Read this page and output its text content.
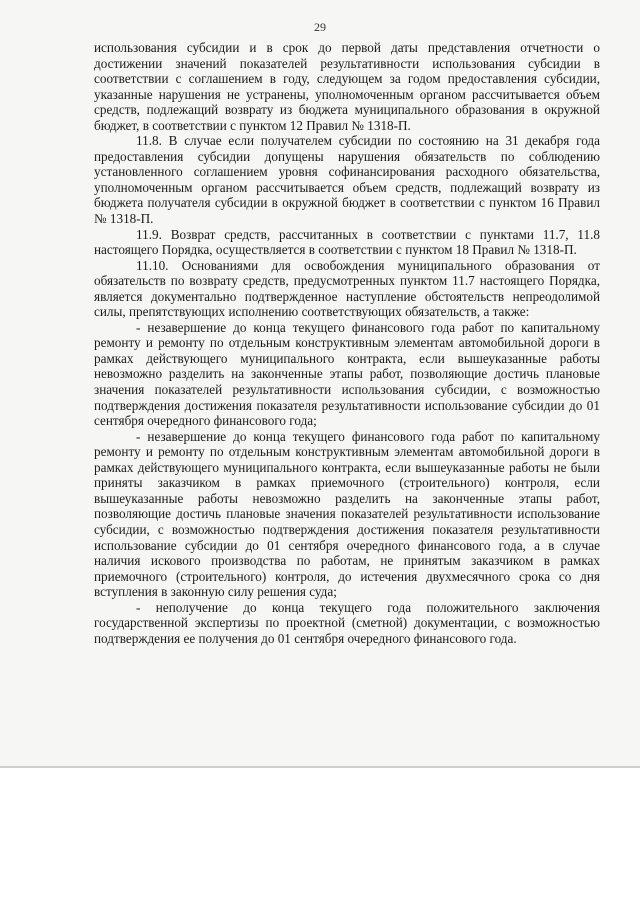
29

использования субсидии и в срок до первой даты представления отчетности о достижении значений показателей результативности использования субсидии в соответствии с соглашением в году, следующем за годом предоставления субсидии, указанные нарушения не устранены, уполномоченным органом рассчитывается объем средств, подлежащий возврату из бюджета муниципального образования в окружной бюджет, в соответствии с пунктом 12 Правил № 1318-П.

11.8. В случае если получателем субсидии по состоянию на 31 декабря года предоставления субсидии допущены нарушения обязательств по соблюдению установленного соглашением уровня софинансирования расходного обязательства, уполномоченным органом рассчитывается объем средств, подлежащий возврату из бюджета получателя субсидии в окружной бюджет в соответствии с пунктом 16 Правил № 1318-П.

11.9. Возврат средств, рассчитанных в соответствии с пунктами 11.7, 11.8 настоящего Порядка, осуществляется в соответствии с пунктом 18 Правил № 1318-П.

11.10. Основаниями для освобождения муниципального образования от обязательств по возврату средств, предусмотренных пунктом 11.7 настоящего Порядка, является документально подтвержденное наступление обстоятельств непреодолимой силы, препятствующих исполнению соответствующих обязательств, а также:

- незавершение до конца текущего финансового года работ по капитальному ремонту и ремонту по отдельным конструктивным элементам автомобильной дороги в рамках действующего муниципального контракта, если вышеуказанные работы невозможно разделить на законченные этапы работ, позволяющие достичь плановые значения показателей результативности использования субсидии, с возможностью подтверждения достижения показателя результативности использование субсидии до 01 сентября очередного финансового года;

- незавершение до конца текущего финансового года работ по капитальному ремонту и ремонту по отдельным конструктивным элементам автомобильной дороги в рамках действующего муниципального контракта, если вышеуказанные работы не были приняты заказчиком в рамках приемочного (строительного) контроля, если вышеуказанные работы невозможно разделить на законченные этапы работ, позволяющие достичь плановые значения показателей результативности использование субсидии, с возможностью подтверждения достижения показателя результативности использование субсидии до 01 сентября очередного финансового года, а в случае наличия искового производства по работам, не принятым заказчиком в рамках приемочного (строительного) контроля, до истечения двухмесячного срока со дня вступления в законную силу решения суда;

- неполучение до конца текущего года положительного заключения государственной экспертизы по проектной (сметной) документации, с возможностью подтверждения ее получения до 01 сентября очередного финансового года.
